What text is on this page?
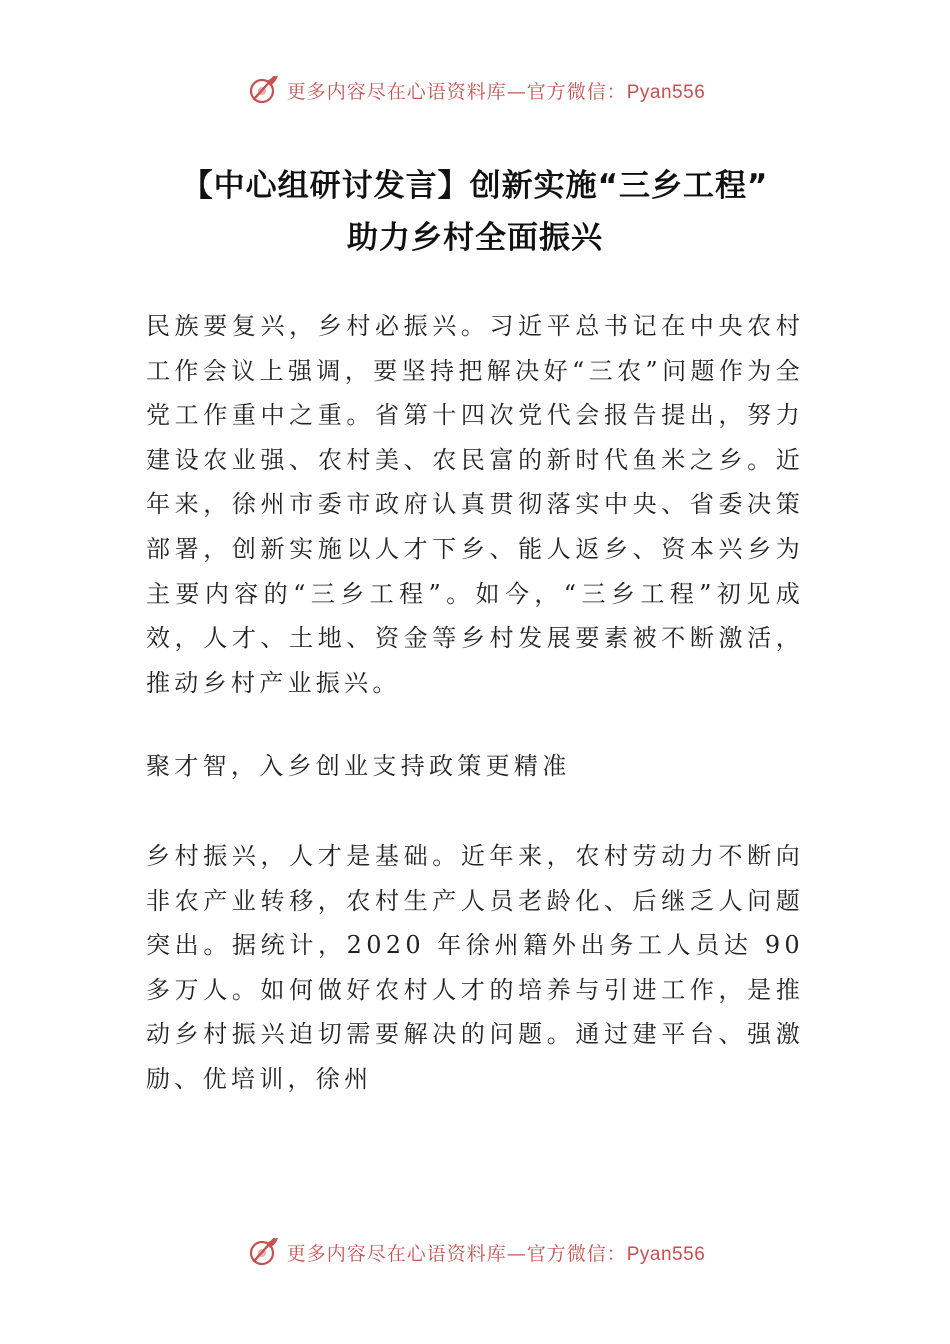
更多内容尽在心语资料库—官方微信：Pyan556
【中心组研讨发言】创新实施“三乡工程”
助力乡村全面振兴
民族要复兴，乡村必振兴。习近平总书记在中央农村工作会议上强调，要坚持把解决好“三农”问题作为全党工作重中之重。省第十四次党代会报告提出，努力建设农业强、农村美、农民富的新时代鱼米之乡。近年来，徐州市委市政府认真贯彻落实中央、省委决策部署，创新实施以人才下乡、能人返乡、资本兴乡为主要内容的“三乡工程”。如今，“三乡工程”初见成效，人才、土地、资金等乡村发展要素被不断激活，推动乡村产业振兴。
聚才智，入乡创业支持政策更精准
乡村振兴，人才是基础。近年来，农村劳动力不断向非农产业转移，农村生产人员老龄化、后继乏人问题突出。据统计，2020 年徐州籍外出务工人员达 90 多万人。如何做好农村人才的培养与引进工作，是推动乡村振兴迫切需要解决的问题。通过建平台、强激励、优培训，徐州
更多内容尽在心语资料库—官方微信：Pyan556
